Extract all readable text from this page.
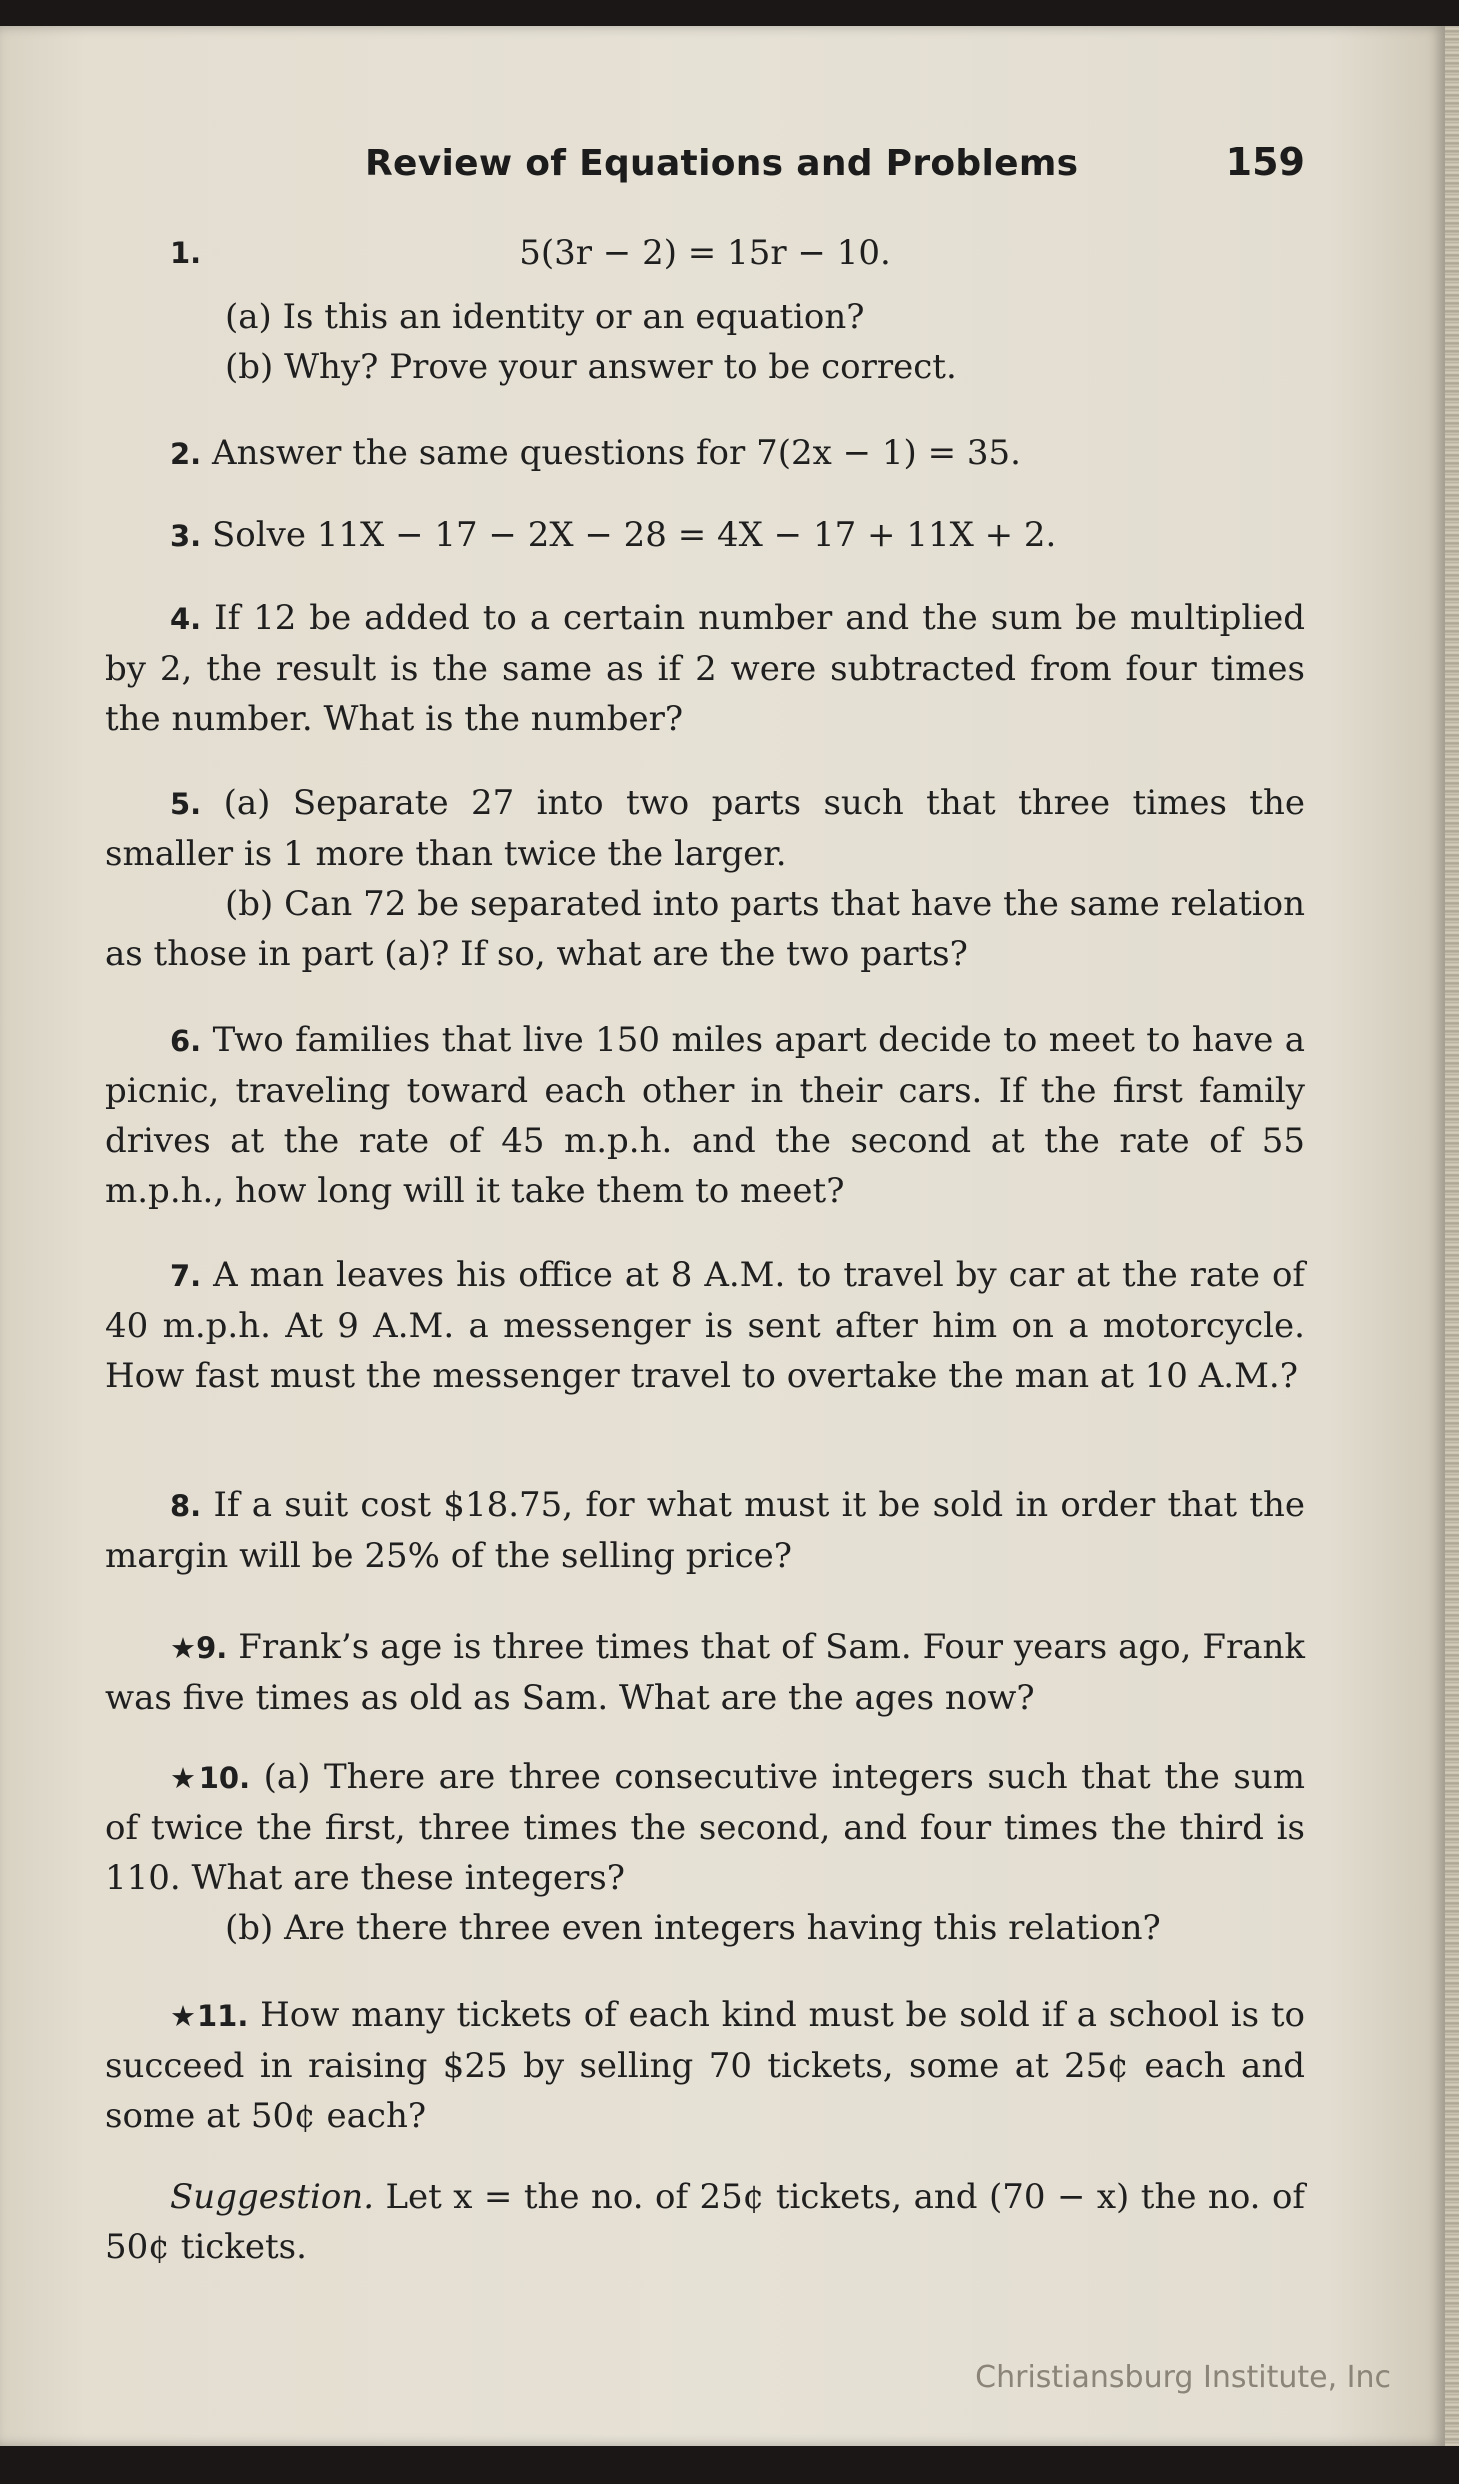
Review of Equations and Problems	159
1.	5(3r − 2) = 15r − 10.
(a) Is this an identity or an equation?
(b) Why? Prove your answer to be correct.
2. Answer the same questions for 7(2x − 1) = 35.
3. Solve 11X − 17 − 2X − 28 = 4X − 17 + 11X + 2.
4. If 12 be added to a certain number and the sum be multiplied by 2, the result is the same as if 2 were subtracted from four times the number. What is the number?
5. (a) Separate 27 into two parts such that three times the smaller is 1 more than twice the larger.
(b) Can 72 be separated into parts that have the same relation as those in part (a)? If so, what are the two parts?
6. Two families that live 150 miles apart decide to meet to have a picnic, traveling toward each other in their cars. If the first family drives at the rate of 45 m.p.h. and the second at the rate of 55 m.p.h., how long will it take them to meet?
7. A man leaves his office at 8 A.M. to travel by car at the rate of 40 m.p.h. At 9 A.M. a messenger is sent after him on a motorcycle. How fast must the messenger travel to overtake the man at 10 A.M.?
8. If a suit cost $18.75, for what must it be sold in order that the margin will be 25% of the selling price?
★9. Frank’s age is three times that of Sam. Four years ago, Frank was five times as old as Sam. What are the ages now?
★10. (a) There are three consecutive integers such that the sum of twice the first, three times the second, and four times the third is 110. What are these integers?
(b) Are there three even integers having this relation?
★11. How many tickets of each kind must be sold if a school is to succeed in raising $25 by selling 70 tickets, some at 25¢ each and some at 50¢ each?
Suggestion. Let x = the no. of 25¢ tickets, and (70 − x) the no. of 50¢ tickets.
Christiansburg Institute, Inc
